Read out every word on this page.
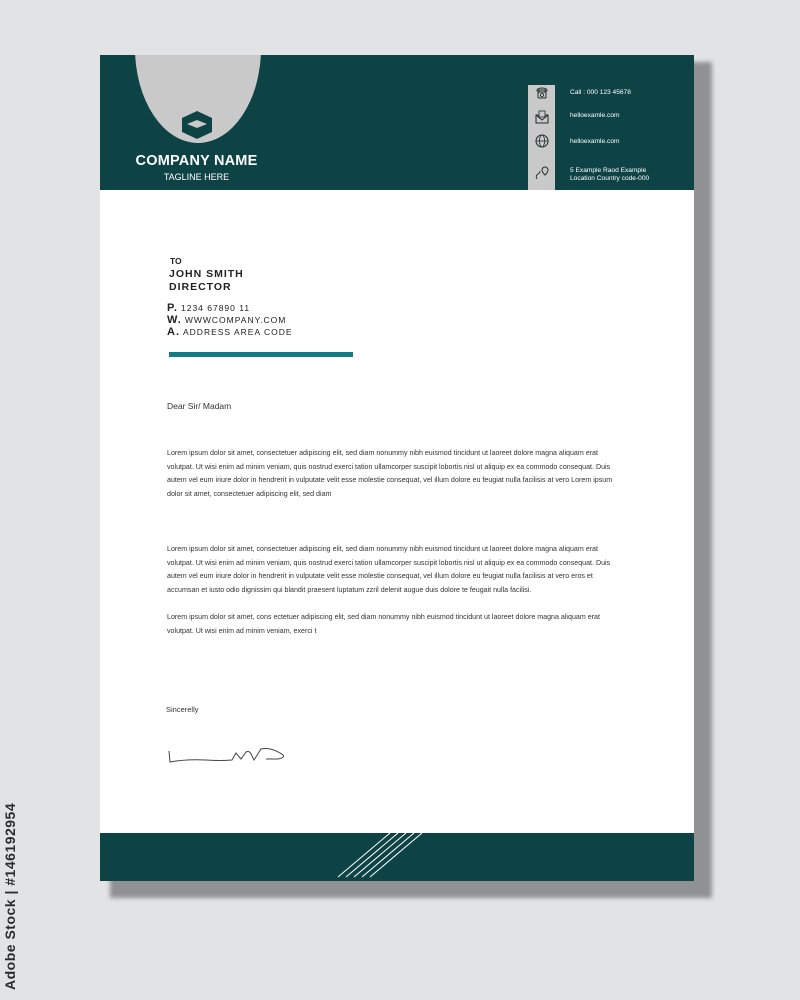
COMPANY NAME
TAGLINE HERE
Call : 000 123 45678
helloexamle.com
helloexamle.com
5 Example Raod Example
Location Country code-000
TO
JOHN SMITH
DIRECTOR
P. 1234 67890 11
W. WWWCOMPANY.COM
A. ADDRESS AREA CODE
Dear Sir/ Madam

Lorem ipsum dolor sit amet, consectetuer adipiscing elit, sed diam nonummy nibh euismod tincidunt ut laoreet dolore magna aliquam erat volutpat. Ut wisi enim ad minim veniam, quis nostrud exerci tation ullamcorper suscipit lobortis nisl ut aliquip ex ea commodo consequat. Duis autem vel eum iriure dolor in hendrerit in vulputate velit esse molestie consequat, vel illum dolore eu feugiat nulla facilisis at vero Lorem ipsum dolor sit amet, consectetuer adipiscing elit, sed diam

Lorem ipsum dolor sit amet, consectetuer adipiscing elit, sed diam nonummy nibh euismod tincidunt ut laoreet dolore magna aliquam erat volutpat. Ut wisi enim ad minim veniam, quis nostrud exerci tation ullamcorper suscipit lobortis nisl ut aliquip ex ea commodo consequat. Duis autem vel eum iriure dolor in hendrerit in vulputate velit esse molestie consequat, vel illum dolore eu feugiat nulla facilisis at vero eros et accumsan et iusto odio dignissim qui blandit praesent luptatum zzril delenit augue duis dolore te feugait nulla facilisi.

Lorem ipsum dolor sit amet, cons ectetuer adipiscing elit, sed diam nonummy nibh euismod tincidunt ut laoreet dolore magna aliquam erat volutpat. Ut wisi enim ad minim veniam, exerci t

Sincerelly
Adobe Stock | #146192954
